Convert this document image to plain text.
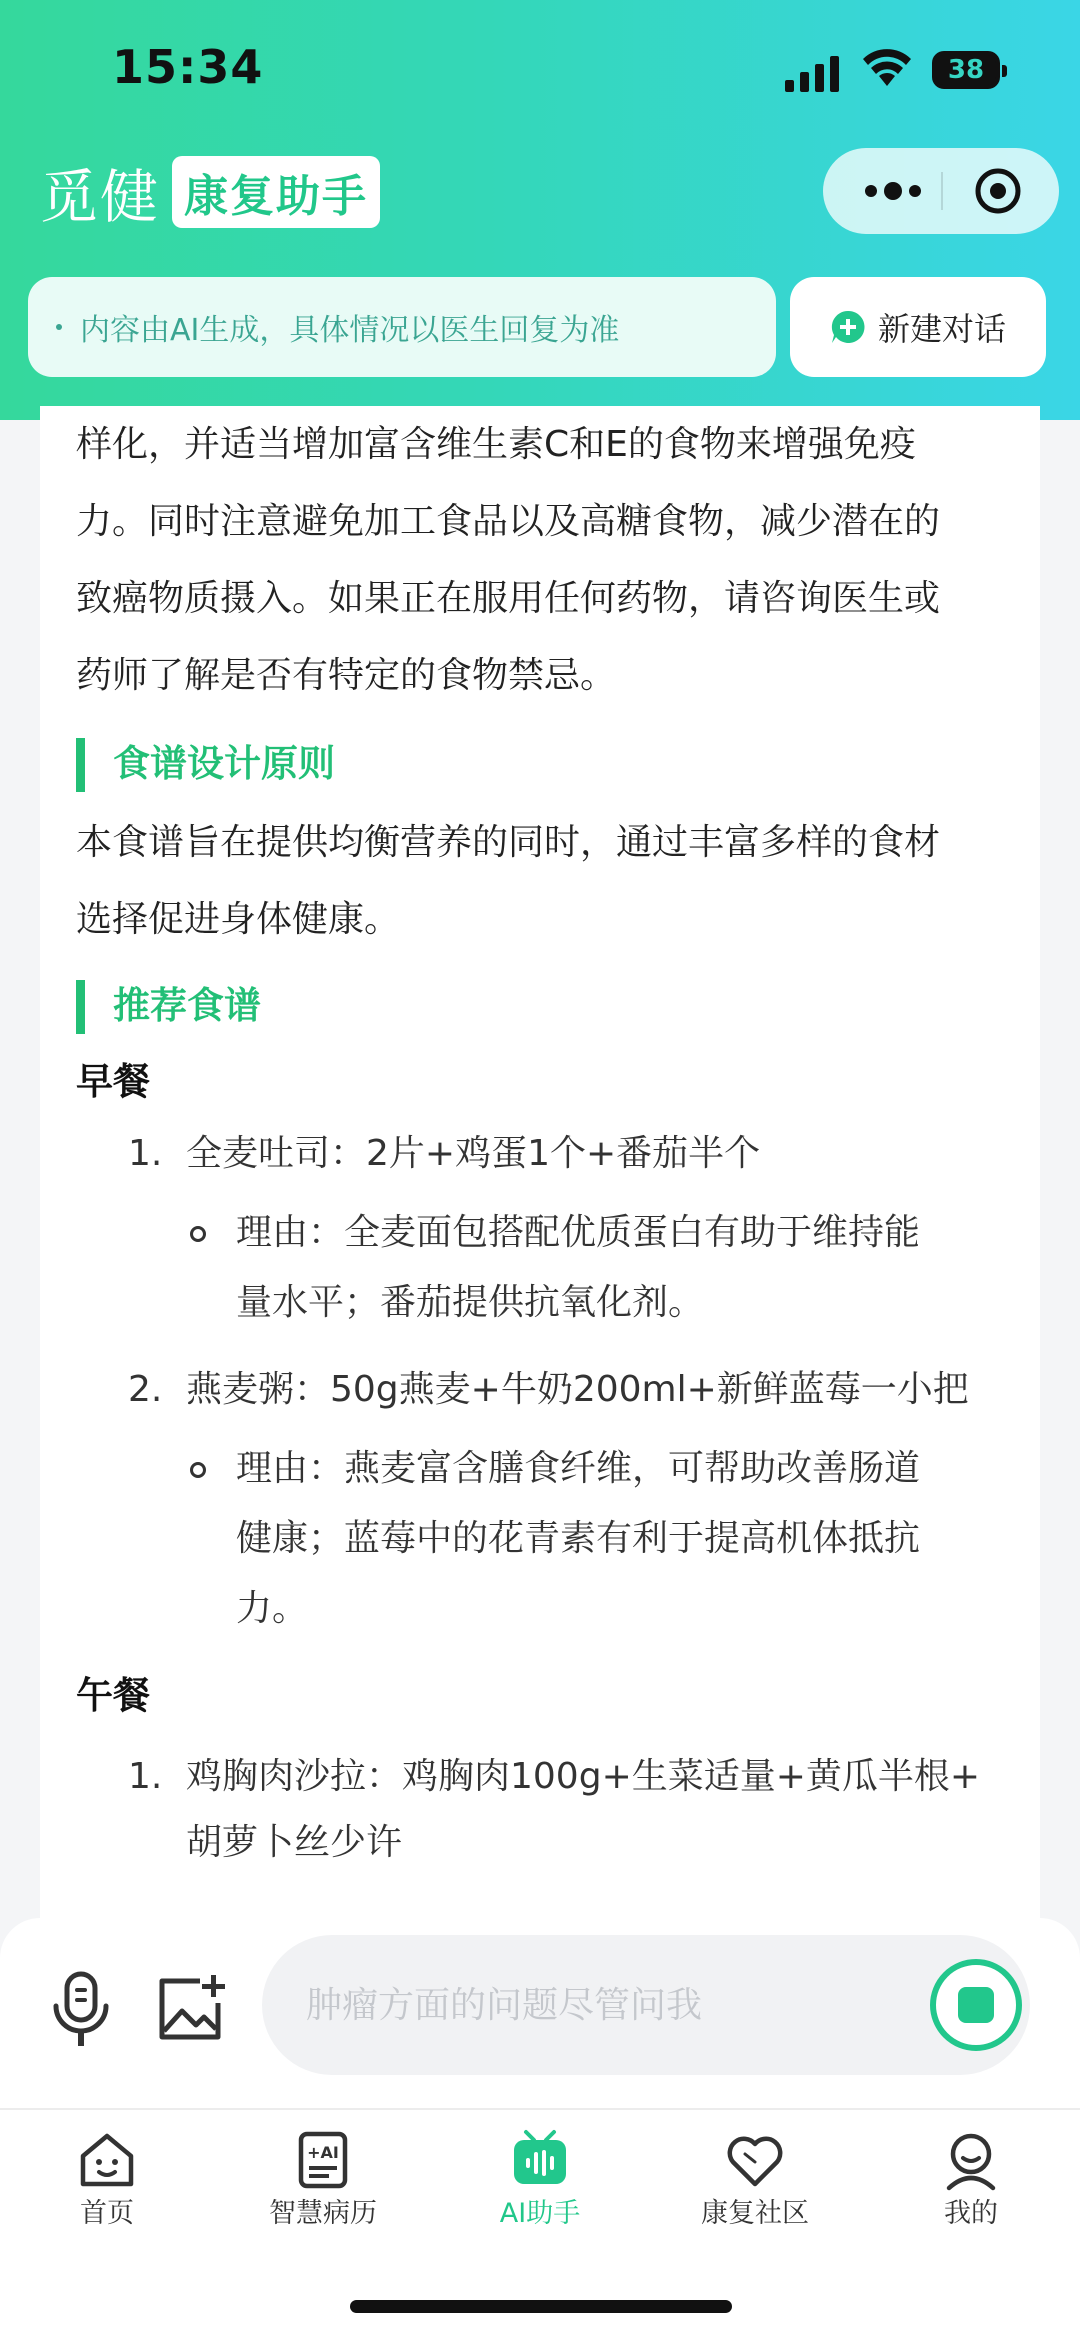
15:34	38
觅健 康复助手
内容由AI生成，具体情况以医生回复为准	新建对话

样化，并适当增加富含维生素C和E的食物来增强免疫

力。同时注意避免加工食品以及高糖食物，减少潜在的

致癌物质摄入。如果正在服用任何药物，请咨询医生或

药师了解是否有特定的食物禁忌。

食谱设计原则

本食谱旨在提供均衡营养的同时，通过丰富多样的食材

选择促进身体健康。

推荐食谱
早餐
1. 全麦吐司：2片+鸡蛋1个+番茄半个
理由：全麦面包搭配优质蛋白有助于维持能
量水平；番茄提供抗氧化剂。
2. 燕麦粥：50g燕麦+牛奶200ml+新鲜蓝莓一小把
理由：燕麦富含膳食纤维，可帮助改善肠道
健康；蓝莓中的花青素有利于提高机体抵抗
力。
午餐
1. 鸡胸肉沙拉：鸡胸肉100g+生菜适量+黄瓜半根+
胡萝卜丝少许
肿瘤方面的问题尽管问我
首页
+AI
智慧病历	AI助手	康复社区	我的
